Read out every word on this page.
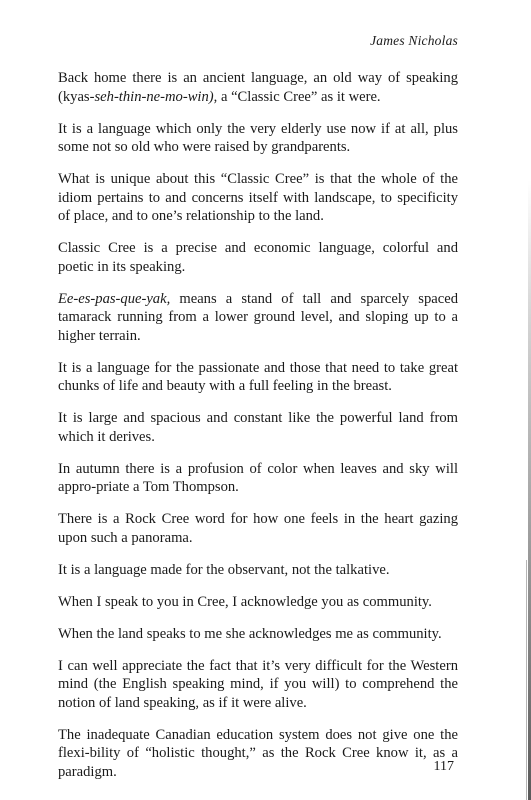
James Nicholas

Back home there is an ancient language, an old way of speaking (kyas-seh-thin-ne-mo-win), a “Classic Cree” as it were.

It is a language which only the very elderly use now if at all, plus some not so old who were raised by grandparents.

What is unique about this “Classic Cree” is that the whole of the idiom pertains to and concerns itself with landscape, to specificity of place, and to one’s relationship to the land.

Classic Cree is a precise and economic language, colorful and poetic in its speaking.

Ee-es-pas-que-yak, means a stand of tall and sparcely spaced tamarack running from a lower ground level, and sloping up to a higher terrain.

It is a language for the passionate and those that need to take great chunks of life and beauty with a full feeling in the breast.

It is large and spacious and constant like the powerful land from which it derives.

In autumn there is a profusion of color when leaves and sky will appro-priate a Tom Thompson.

There is a Rock Cree word for how one feels in the heart gazing upon such a panorama.

It is a language made for the observant, not the talkative.

When I speak to you in Cree, I acknowledge you as community.

When the land speaks to me she acknowledges me as community.

I can well appreciate the fact that it’s very difficult for the Western mind (the English speaking mind, if you will) to comprehend the notion of land speaking, as if it were alive.

The inadequate Canadian education system does not give one the flexi-bility of “holistic thought,” as the Rock Cree know it, as a paradigm.	117
